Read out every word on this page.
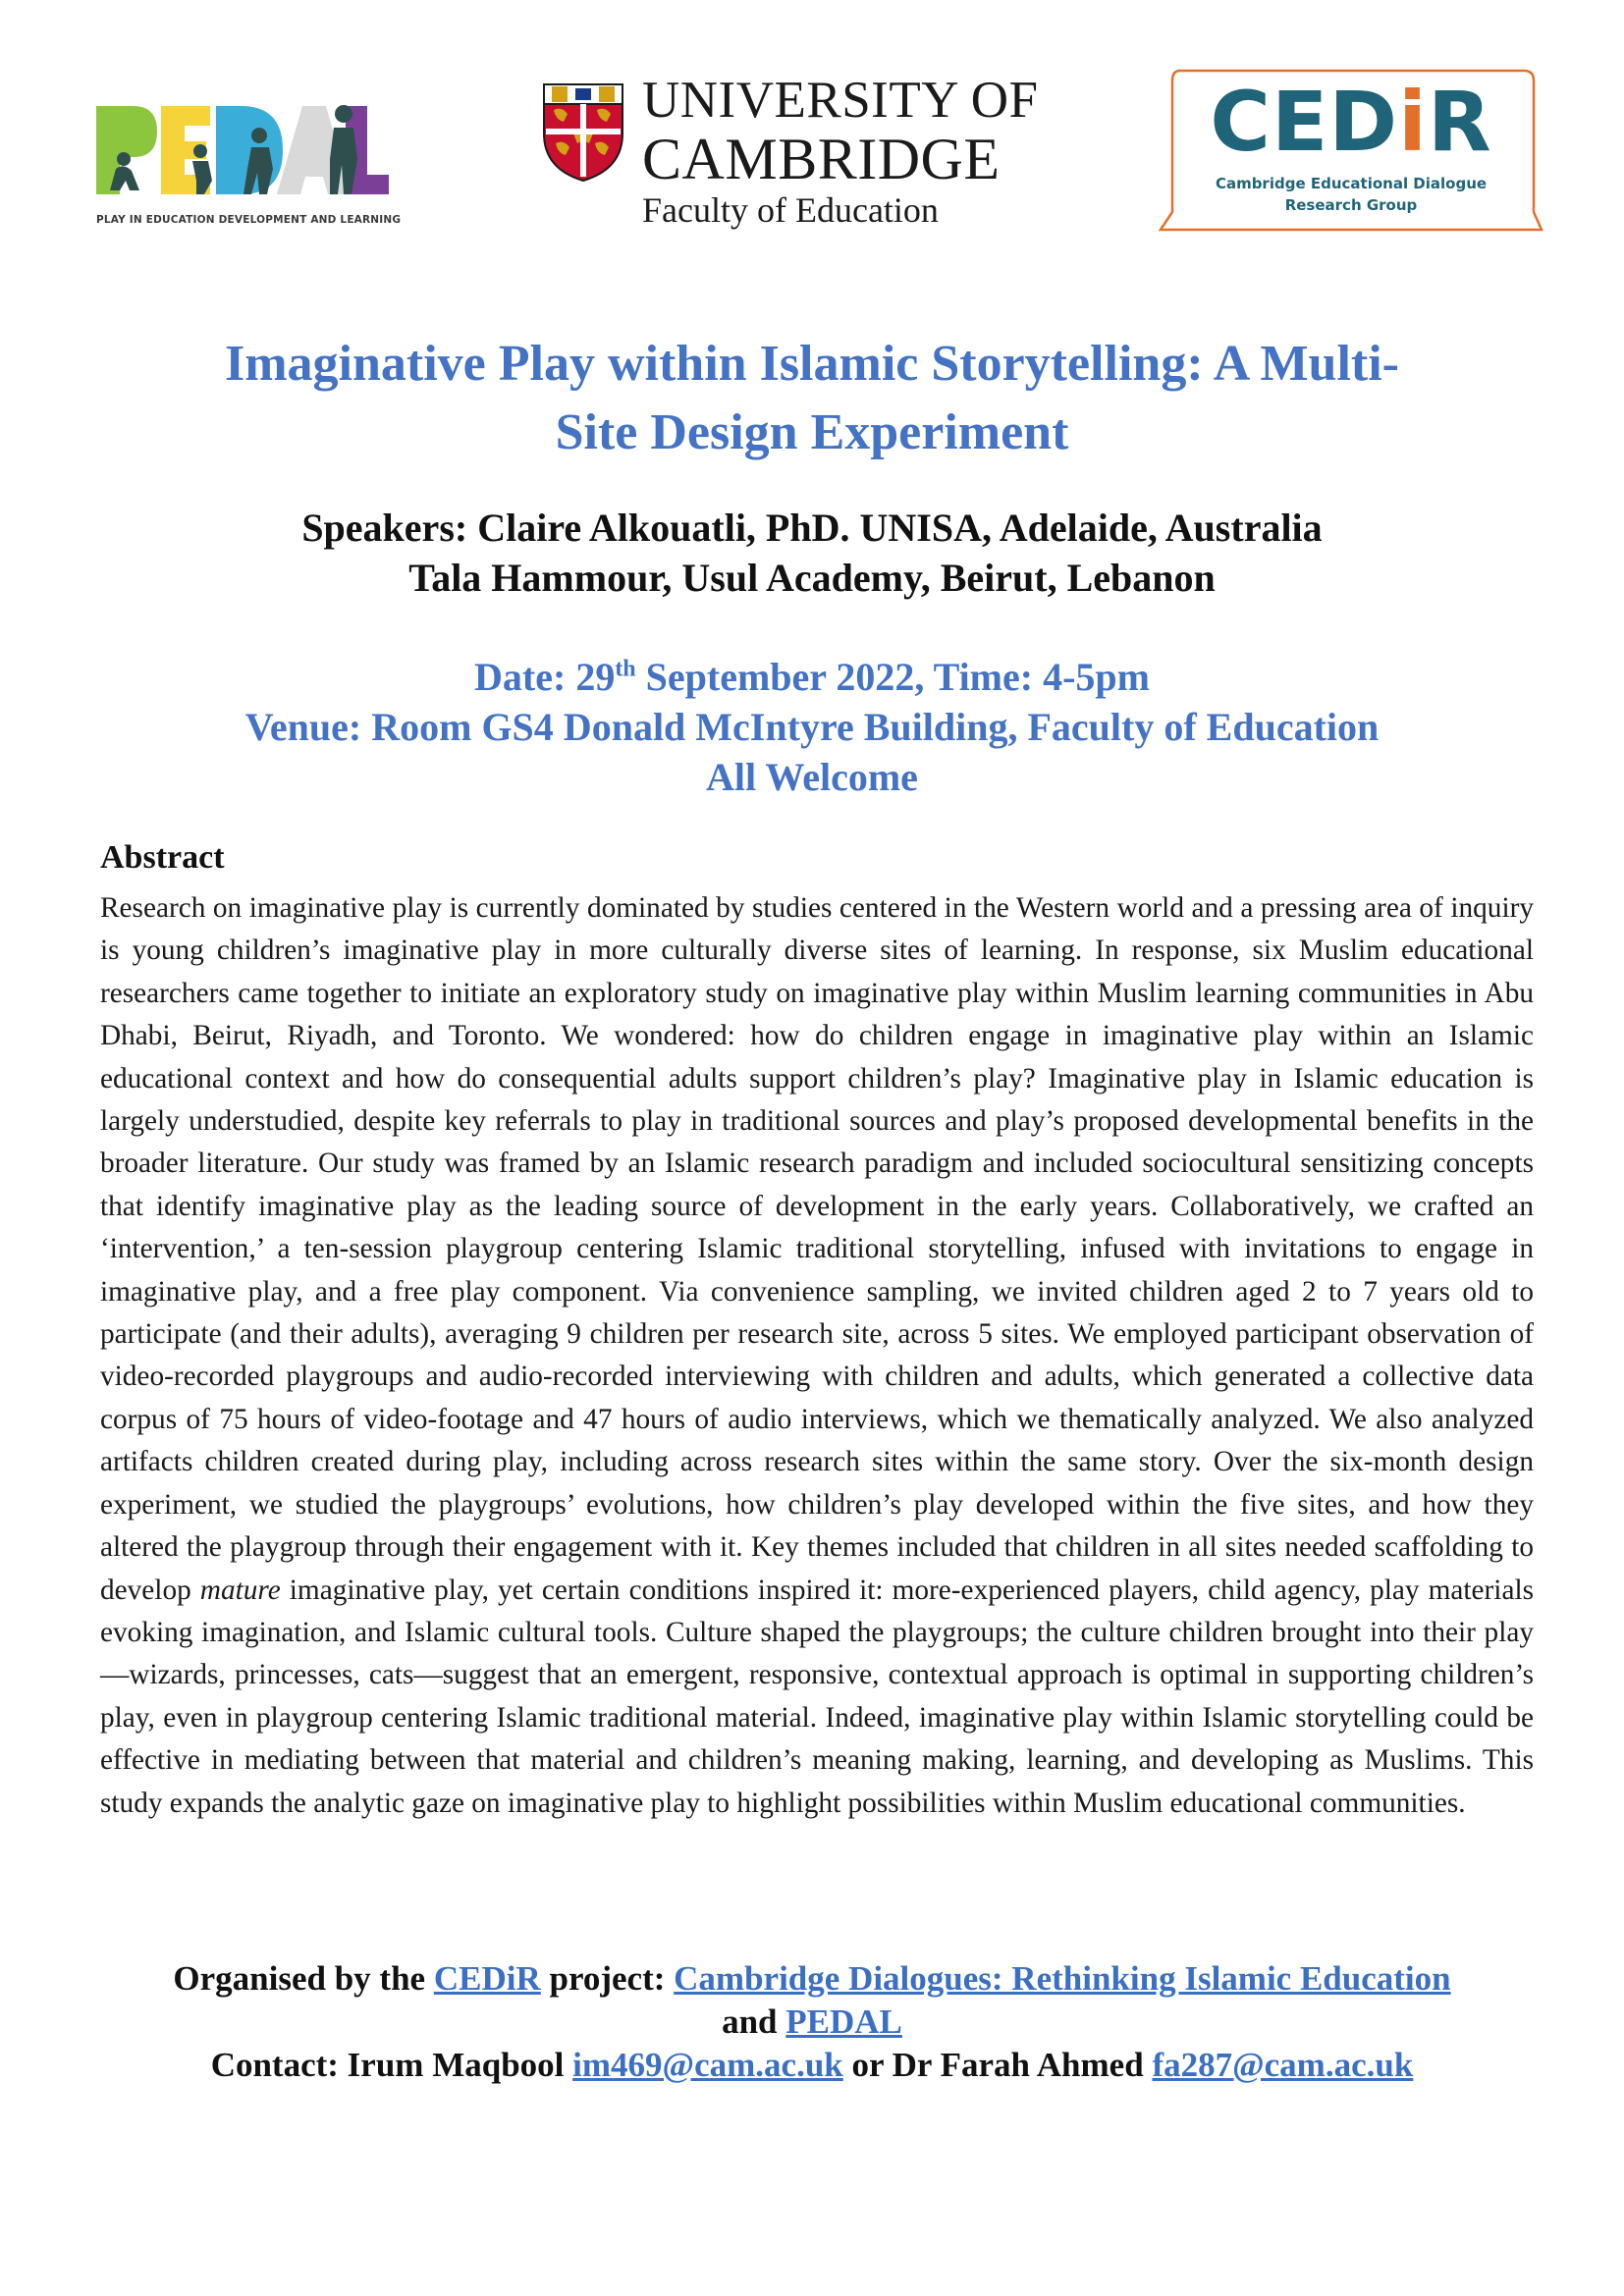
PLAY IN EDUCATION DEVELOPMENT AND LEARNING
UNIVERSITY OF
CAMBRIDGE
Faculty of Education
CEDiR
Cambridge Educational Dialogue
Research Group
Imaginative Play within Islamic Storytelling: A Multi-
Site Design Experiment
Speakers: Claire Alkouatli, PhD. UNISA, Adelaide, Australia
Tala Hammour, Usul Academy, Beirut, Lebanon
Date: 29th September 2022, Time: 4-5pm
Venue: Room GS4 Donald McIntyre Building, Faculty of Education
All Welcome
Abstract

Research on imaginative play is currently dominated by studies centered in the Western world and a pressing area of inquiry is young children’s imaginative play in more culturally diverse sites of learning. In response, six Muslim educational researchers came together to initiate an exploratory study on imaginative play within Muslim learning communities in Abu Dhabi, Beirut, Riyadh, and Toronto. We wondered: how do children engage in imaginative play within an Islamic educational context and how do consequential adults support children’s play? Imaginative play in Islamic education is largely understudied, despite key referrals to play in traditional sources and play’s proposed developmental benefits in the broader literature. Our study was framed by an Islamic research paradigm and included sociocultural sensitizing concepts that identify imaginative play as the leading source of development in the early years. Collaboratively, we crafted an ‘intervention,’ a ten-session playgroup centering Islamic traditional storytelling, infused with invitations to engage in imaginative play, and a free play component. Via convenience sampling, we invited children aged 2 to 7 years old to participate (and their adults), averaging 9 children per research site, across 5 sites. We employed participant observation of video-recorded playgroups and audio-recorded interviewing with children and adults, which generated a collective data corpus of 75 hours of video-footage and 47 hours of audio interviews, which we thematically analyzed. We also analyzed artifacts children created during play, including across research sites within the same story. Over the six-month design experiment, we studied the playgroups’ evolutions, how children’s play developed within the five sites, and how they altered the playgroup through their engagement with it. Key themes included that children in all sites needed scaffolding to develop mature imaginative play, yet certain conditions inspired it: more-experienced players, child agency, play materials evoking imagination, and Islamic cultural tools. Culture shaped the playgroups; the culture children brought into their play—wizards, princesses, cats—suggest that an emergent, responsive, contextual approach is optimal in supporting children’s play, even in playgroup centering Islamic traditional material. Indeed, imaginative play within Islamic storytelling could be effective in mediating between that material and children’s meaning making, learning, and developing as Muslims. This study expands the analytic gaze on imaginative play to highlight possibilities within Muslim educational communities.

Organised by the CEDiR project: Cambridge Dialogues: Rethinking Islamic Education
and PEDAL
Contact: Irum Maqbool im469@cam.ac.uk or Dr Farah Ahmed fa287@cam.ac.uk
